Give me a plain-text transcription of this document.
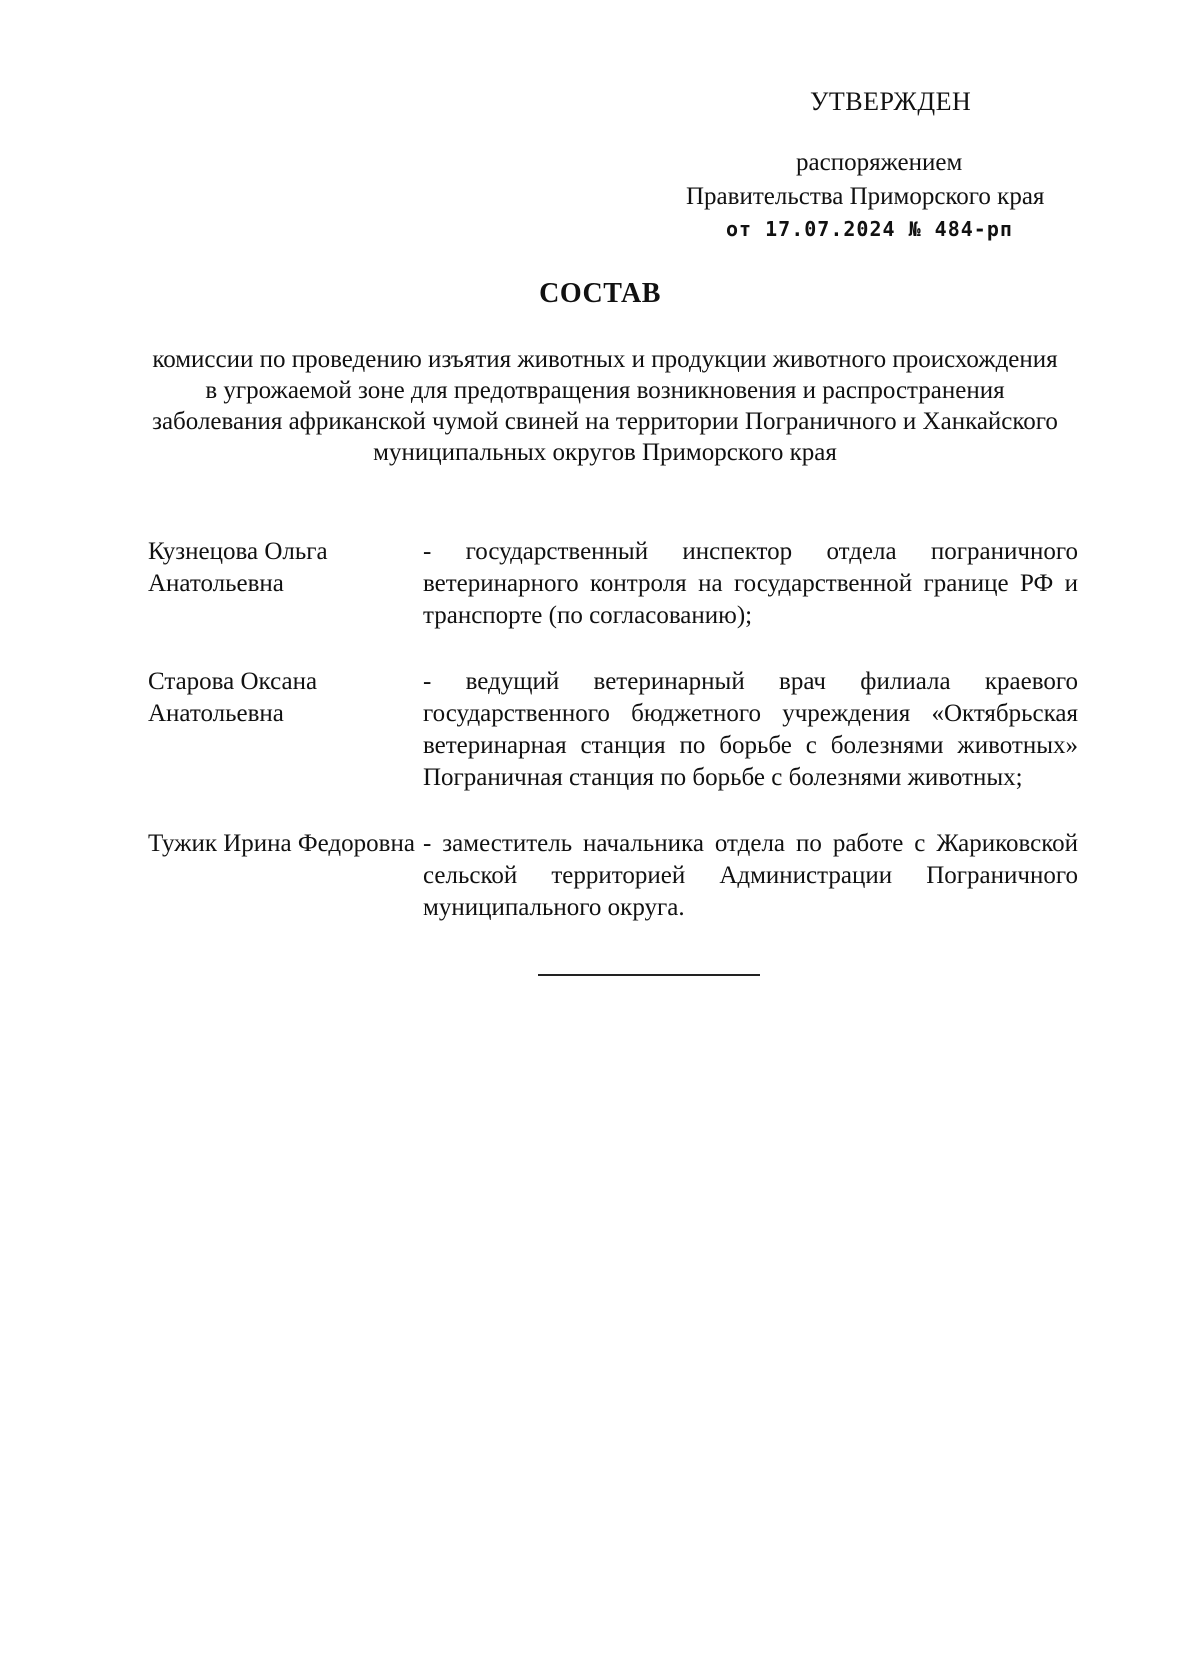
УТВЕРЖДЕН
распоряжением
Правительства Приморского края
от 17.07.2024 № 484-рп
СОСТАВ
комиссии по проведению изъятия животных и продукции животного происхождения в угрожаемой зоне для предотвращения возникновения и распространения заболевания африканской чумой свиней на территории Пограничного и Ханкайского муниципальных округов Приморского края
Кузнецова Ольга Анатольевна
- государственный инспектор отдела пограничного ветеринарного контроля на государственной границе РФ и транспорте (по согласованию);
Старова Оксана Анатольевна
- ведущий ветеринарный врач филиала краевого государственного бюджетного учреждения «Октябрьская ветеринарная станция по борьбе с болезнями животных» Пограничная станция по борьбе с болезнями животных;
Тужик Ирина Федоровна - заместитель начальника отдела по работе с Жариковской сельской территорией Администрации Пограничного муниципального округа.
